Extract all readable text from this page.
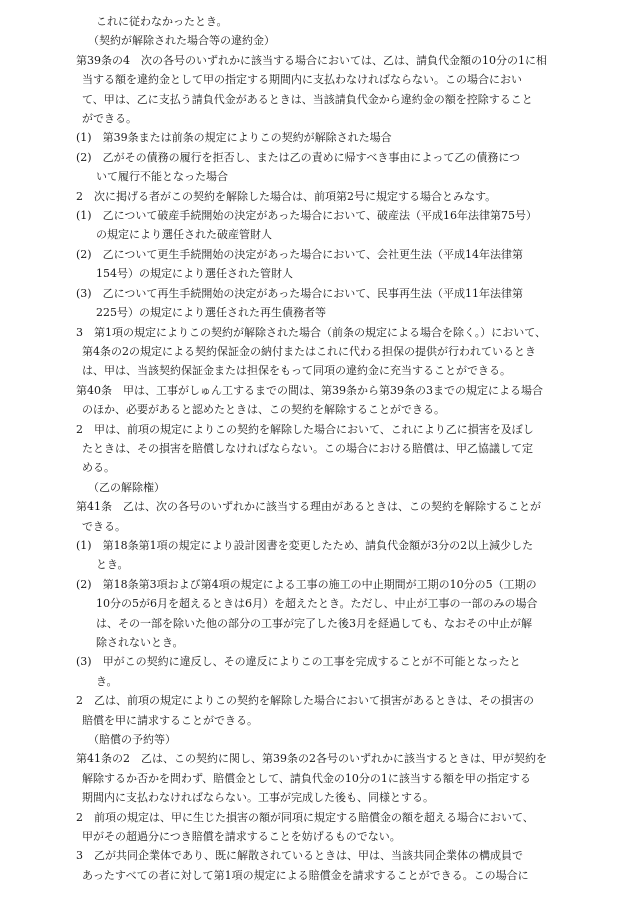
これに従わなかったとき。
（契約が解除された場合等の違約金）
第39条の4　次の各号のいずれかに該当する場合においては、乙は、請負代金額の10分の1に相
当する額を違約金として甲の指定する期間内に支払わなければならない。この場合におい
て、甲は、乙に支払う請負代金があるときは、当該請負代金から違約金の額を控除すること
ができる。
(1)　第39条または前条の規定によりこの契約が解除された場合
(2)　乙がその債務の履行を拒否し、または乙の責めに帰すべき事由によって乙の債務につ
いて履行不能となった場合
2　次に掲げる者がこの契約を解除した場合は、前項第2号に規定する場合とみなす。
(1)　乙について破産手続開始の決定があった場合において、破産法（平成16年法律第75号）
の規定により選任された破産管財人
(2)　乙について更生手続開始の決定があった場合において、会社更生法（平成14年法律第
154号）の規定により選任された管財人
(3)　乙について再生手続開始の決定があった場合において、民事再生法（平成11年法律第
225号）の規定により選任された再生債務者等
3　第1項の規定によりこの契約が解除された場合（前条の規定による場合を除く。）において、
第4条の2の規定による契約保証金の納付またはこれに代わる担保の提供が行われているとき
は、甲は、当該契約保証金または担保をもって同項の違約金に充当することができる。
第40条　甲は、工事がしゅん工するまでの間は、第39条から第39条の3までの規定による場合
のほか、必要があると認めたときは、この契約を解除することができる。
2　甲は、前項の規定によりこの契約を解除した場合において、これにより乙に損害を及ぼし
たときは、その損害を賠償しなければならない。この場合における賠償は、甲乙協議して定
める。
（乙の解除権）
第41条　乙は、次の各号のいずれかに該当する理由があるときは、この契約を解除することが
できる。
(1)　第18条第1項の規定により設計図書を変更したため、請負代金額が3分の2以上減少した
とき。
(2)　第18条第3項および第4項の規定による工事の施工の中止期間が工期の10分の5（工期の
10分の5が6月を超えるときは6月）を超えたとき。ただし、中止が工事の一部のみの場合
は、その一部を除いた他の部分の工事が完了した後3月を経過しても、なおその中止が解
除されないとき。
(3)　甲がこの契約に違反し、その違反によりこの工事を完成することが不可能となったと
き。
2　乙は、前項の規定によりこの契約を解除した場合において損害があるときは、その損害の
賠償を甲に請求することができる。
（賠償の予約等）
第41条の2　乙は、この契約に関し、第39条の2各号のいずれかに該当するときは、甲が契約を
解除するか否かを問わず、賠償金として、請負代金の10分の1に該当する額を甲の指定する
期間内に支払わなければならない。工事が完成した後も、同様とする。
2　前項の規定は、甲に生じた損害の額が同項に規定する賠償金の額を超える場合において、
甲がその超過分につき賠償を請求することを妨げるものでない。
3　乙が共同企業体であり、既に解散されているときは、甲は、当該共同企業体の構成員で
あったすべての者に対して第1項の規定による賠償金を請求することができる。この場合に
